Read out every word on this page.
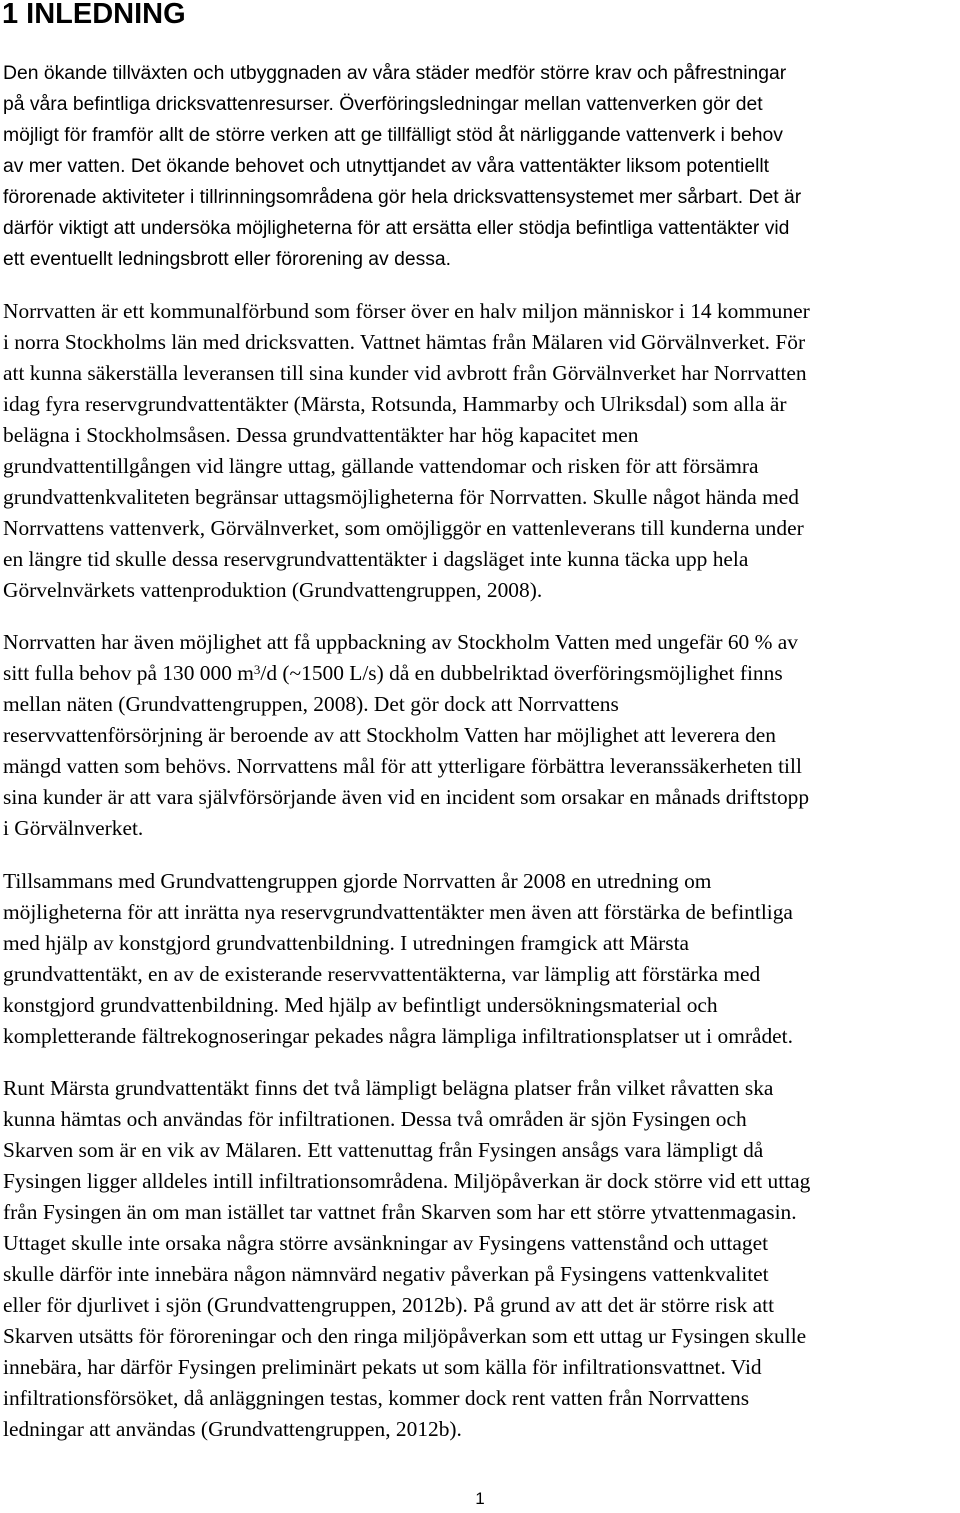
1 INLEDNING
Den ökande tillväxten och utbyggnaden av våra städer medför större krav och påfrestningar
på våra befintliga dricksvattenresurser. Överföringsledningar mellan vattenverken gör det
möjligt för framför allt de större verken att ge tillfälligt stöd åt närliggande vattenverk i behov
av mer vatten. Det ökande behovet och utnyttjandet av våra vattentäkter liksom potentiellt
förorenade aktiviteter i tillrinningsområdena gör hela dricksvattensystemet mer sårbart. Det är
därför viktigt att undersöka möjligheterna för att ersätta eller stödja befintliga vattentäkter vid
ett eventuellt ledningsbrott eller förorening av dessa.
Norrvatten är ett kommunalförbund som förser över en halv miljon människor i 14 kommuner
i norra Stockholms län med dricksvatten. Vattnet hämtas från Mälaren vid Görvälnverket. För
att kunna säkerställa leveransen till sina kunder vid avbrott från Görvälnverket har Norrvatten
idag fyra reservgrundvattentäkter (Märsta, Rotsunda, Hammarby och Ulriksdal) som alla är
belägna i Stockholmsåsen. Dessa grundvattentäkter har hög kapacitet men
grundvattentillgången vid längre uttag, gällande vattendomar och risken för att försämra
grundvattenkvaliteten begränsar uttagsmöjligheterna för Norrvatten. Skulle något hända med
Norrvattens vattenverk, Görvälnverket, som omöjliggör en vattenleverans till kunderna under
en längre tid skulle dessa reservgrundvattentäkter i dagsläget inte kunna täcka upp hela
Görvelnvärkets vattenproduktion (Grundvattengruppen, 2008).
Norrvatten har även möjlighet att få uppbackning av Stockholm Vatten med ungefär 60 % av
sitt fulla behov på 130 000 $m^3/d$ (~1500 L/s) då en dubbelriktad överföringsmöjlighet finns
mellan näten (Grundvattengruppen, 2008). Det gör dock att Norrvattens
reservvattenförsörjning är beroende av att Stockholm Vatten har möjlighet att leverera den
mängd vatten som behövs. Norrvattens mål för att ytterligare förbättra leveranssäkerheten till
sina kunder är att vara självförsörjande även vid en incident som orsakar en månads driftstopp
i Görvälnverket.
Tillsammans med Grundvattengruppen gjorde Norrvatten år 2008 en utredning om
möjligheterna för att inrätta nya reservgrundvattentäkter men även att förstärka de befintliga
med hjälp av konstgjord grundvattenbildning. I utredningen framgick att Märsta
grundvattentäkt, en av de existerande reservvattentäkterna, var lämplig att förstärka med
konstgjord grundvattenbildning. Med hjälp av befintligt undersökningsmaterial och
kompletterande fältrekognoseringar pekades några lämpliga infiltrationsplatser ut i området.
Runt Märsta grundvattentäkt finns det två lämpligt belägna platser från vilket råvatten ska
kunna hämtas och användas för infiltrationen. Dessa två områden är sjön Fysingen och
Skarven som är en vik av Mälaren. Ett vattenuttag från Fysingen ansågs vara lämpligt då
Fysingen ligger alldeles intill infiltrationsområdena. Miljöpåverkan är dock större vid ett uttag
från Fysingen än om man istället tar vattnet från Skarven som har ett större ytvattenmagasin.
Uttaget skulle inte orsaka några större avsänkningar av Fysingens vattenstånd och uttaget
skulle därför inte innebära någon nämnvärd negativ påverkan på Fysingens vattenkvalitet
eller för djurlivet i sjön (Grundvattengruppen, 2012b). På grund av att det är större risk att
Skarven utsätts för föroreningar och den ringa miljöpåverkan som ett uttag ur Fysingen skulle
innebära, har därför Fysingen preliminärt pekats ut som källa för infiltrationsvattnet. Vid
infiltrationsförsöket, då anläggningen testas, kommer dock rent vatten från Norrvattens
ledningar att användas (Grundvattengruppen, 2012b).
1
